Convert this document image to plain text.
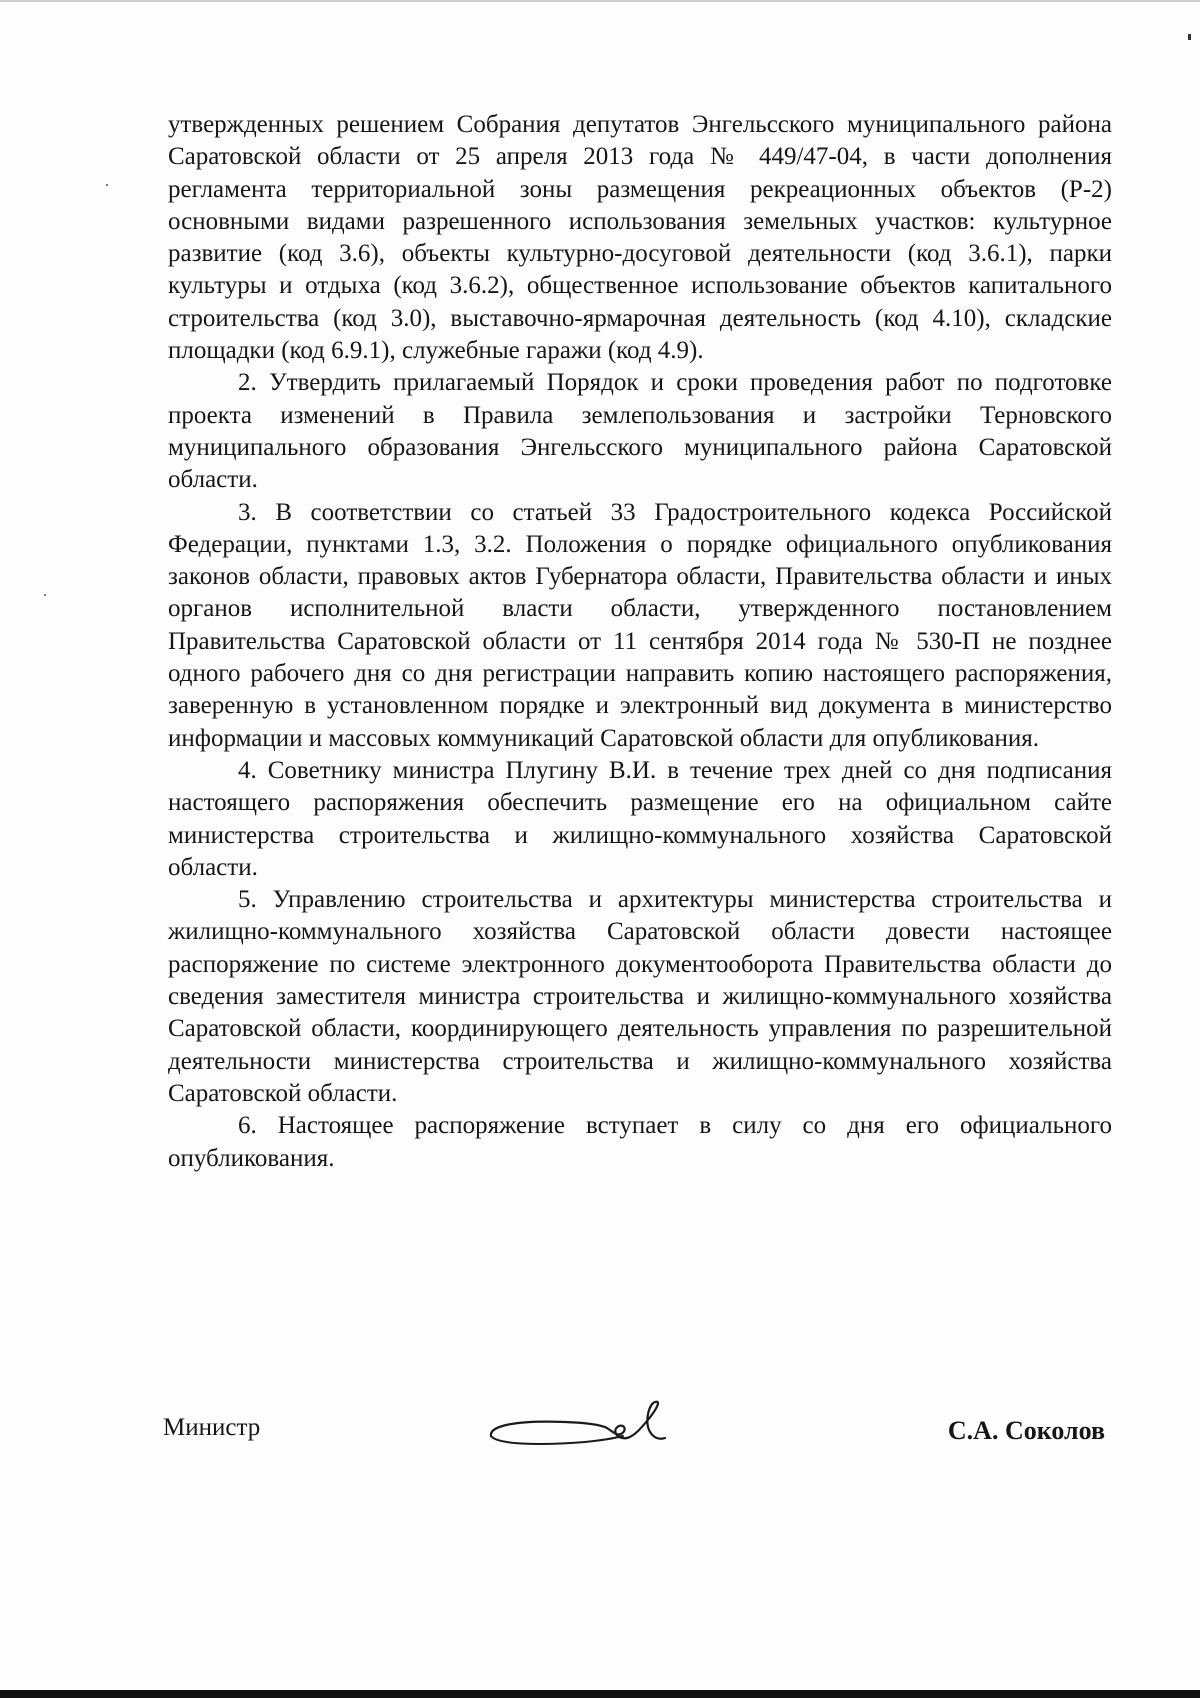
утвержденных решением Собрания депутатов Энгельсского муниципального района Саратовской области от 25 апреля 2013 года № 449/47-04, в части дополнения регламента территориальной зоны размещения рекреационных объектов (Р-2) основными видами разрешенного использования земельных участков: культурное развитие (код 3.6), объекты культурно-досуговой деятельности (код 3.6.1), парки культуры и отдыха (код 3.6.2), общественное использование объектов капитального строительства (код 3.0), выставочно-ярмарочная деятельность (код 4.10), складские площадки (код 6.9.1), служебные гаражи (код 4.9).

2. Утвердить прилагаемый Порядок и сроки проведения работ по подготовке проекта изменений в Правила землепользования и застройки Терновского муниципального образования Энгельсского муниципального района Саратовской области.

3. В соответствии со статьей 33 Градостроительного кодекса Российской Федерации, пунктами 1.3, 3.2. Положения о порядке официального опубликования законов области, правовых актов Губернатора области, Правительства области и иных органов исполнительной власти области, утвержденного постановлением Правительства Саратовской области от 11 сентября 2014 года № 530-П не позднее одного рабочего дня со дня регистрации направить копию настоящего распоряжения, заверенную в установленном порядке и электронный вид документа в министерство информации и массовых коммуникаций Саратовской области для опубликования.

4. Советнику министра Плугину В.И. в течение трех дней со дня подписания настоящего распоряжения обеспечить размещение его на официальном сайте министерства строительства и жилищно-коммунального хозяйства Саратовской области.

5. Управлению строительства и архитектуры министерства строительства и жилищно-коммунального хозяйства Саратовской области довести настоящее распоряжение по системе электронного документооборота Правительства области до сведения заместителя министра строительства и жилищно-коммунального хозяйства Саратовской области, координирующего деятельность управления по разрешительной деятельности министерства строительства и жилищно-коммунального хозяйства Саратовской области.

6. Настоящее распоряжение вступает в силу со дня его официального опубликования.

Министр	С.А. Соколов
